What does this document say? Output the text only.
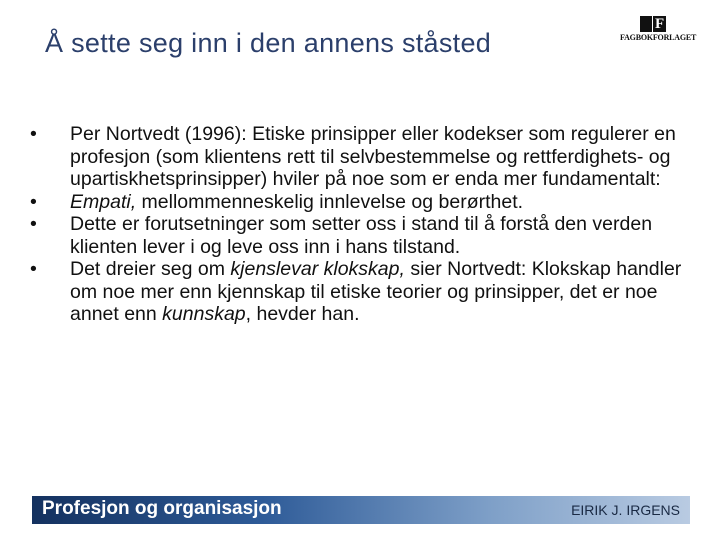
Å sette seg inn i den annens ståsted
F
FAGBOKFORLAGET
•	Per Nortvedt (1996): Etiske prinsipper eller kodekser som regulerer en profesjon (som klientens rett til selvbestemmelse og rettferdighets- og upartiskhetsprinsipper) hviler på noe som er enda mer fundamentalt:
•	Empati, mellommenneskelig innlevelse og berørthet.
•	Dette er forutsetninger som setter oss i stand til å forstå den verden klienten lever i og leve oss inn i hans tilstand.
•	Det dreier seg om kjenslevar klokskap, sier Nortvedt: Klokskap handler om noe mer enn kjennskap til etiske teorier og prinsipper, det er noe annet enn kunnskap, hevder han.
Profesjon og organisasjon	EIRIK J. IRGENS
